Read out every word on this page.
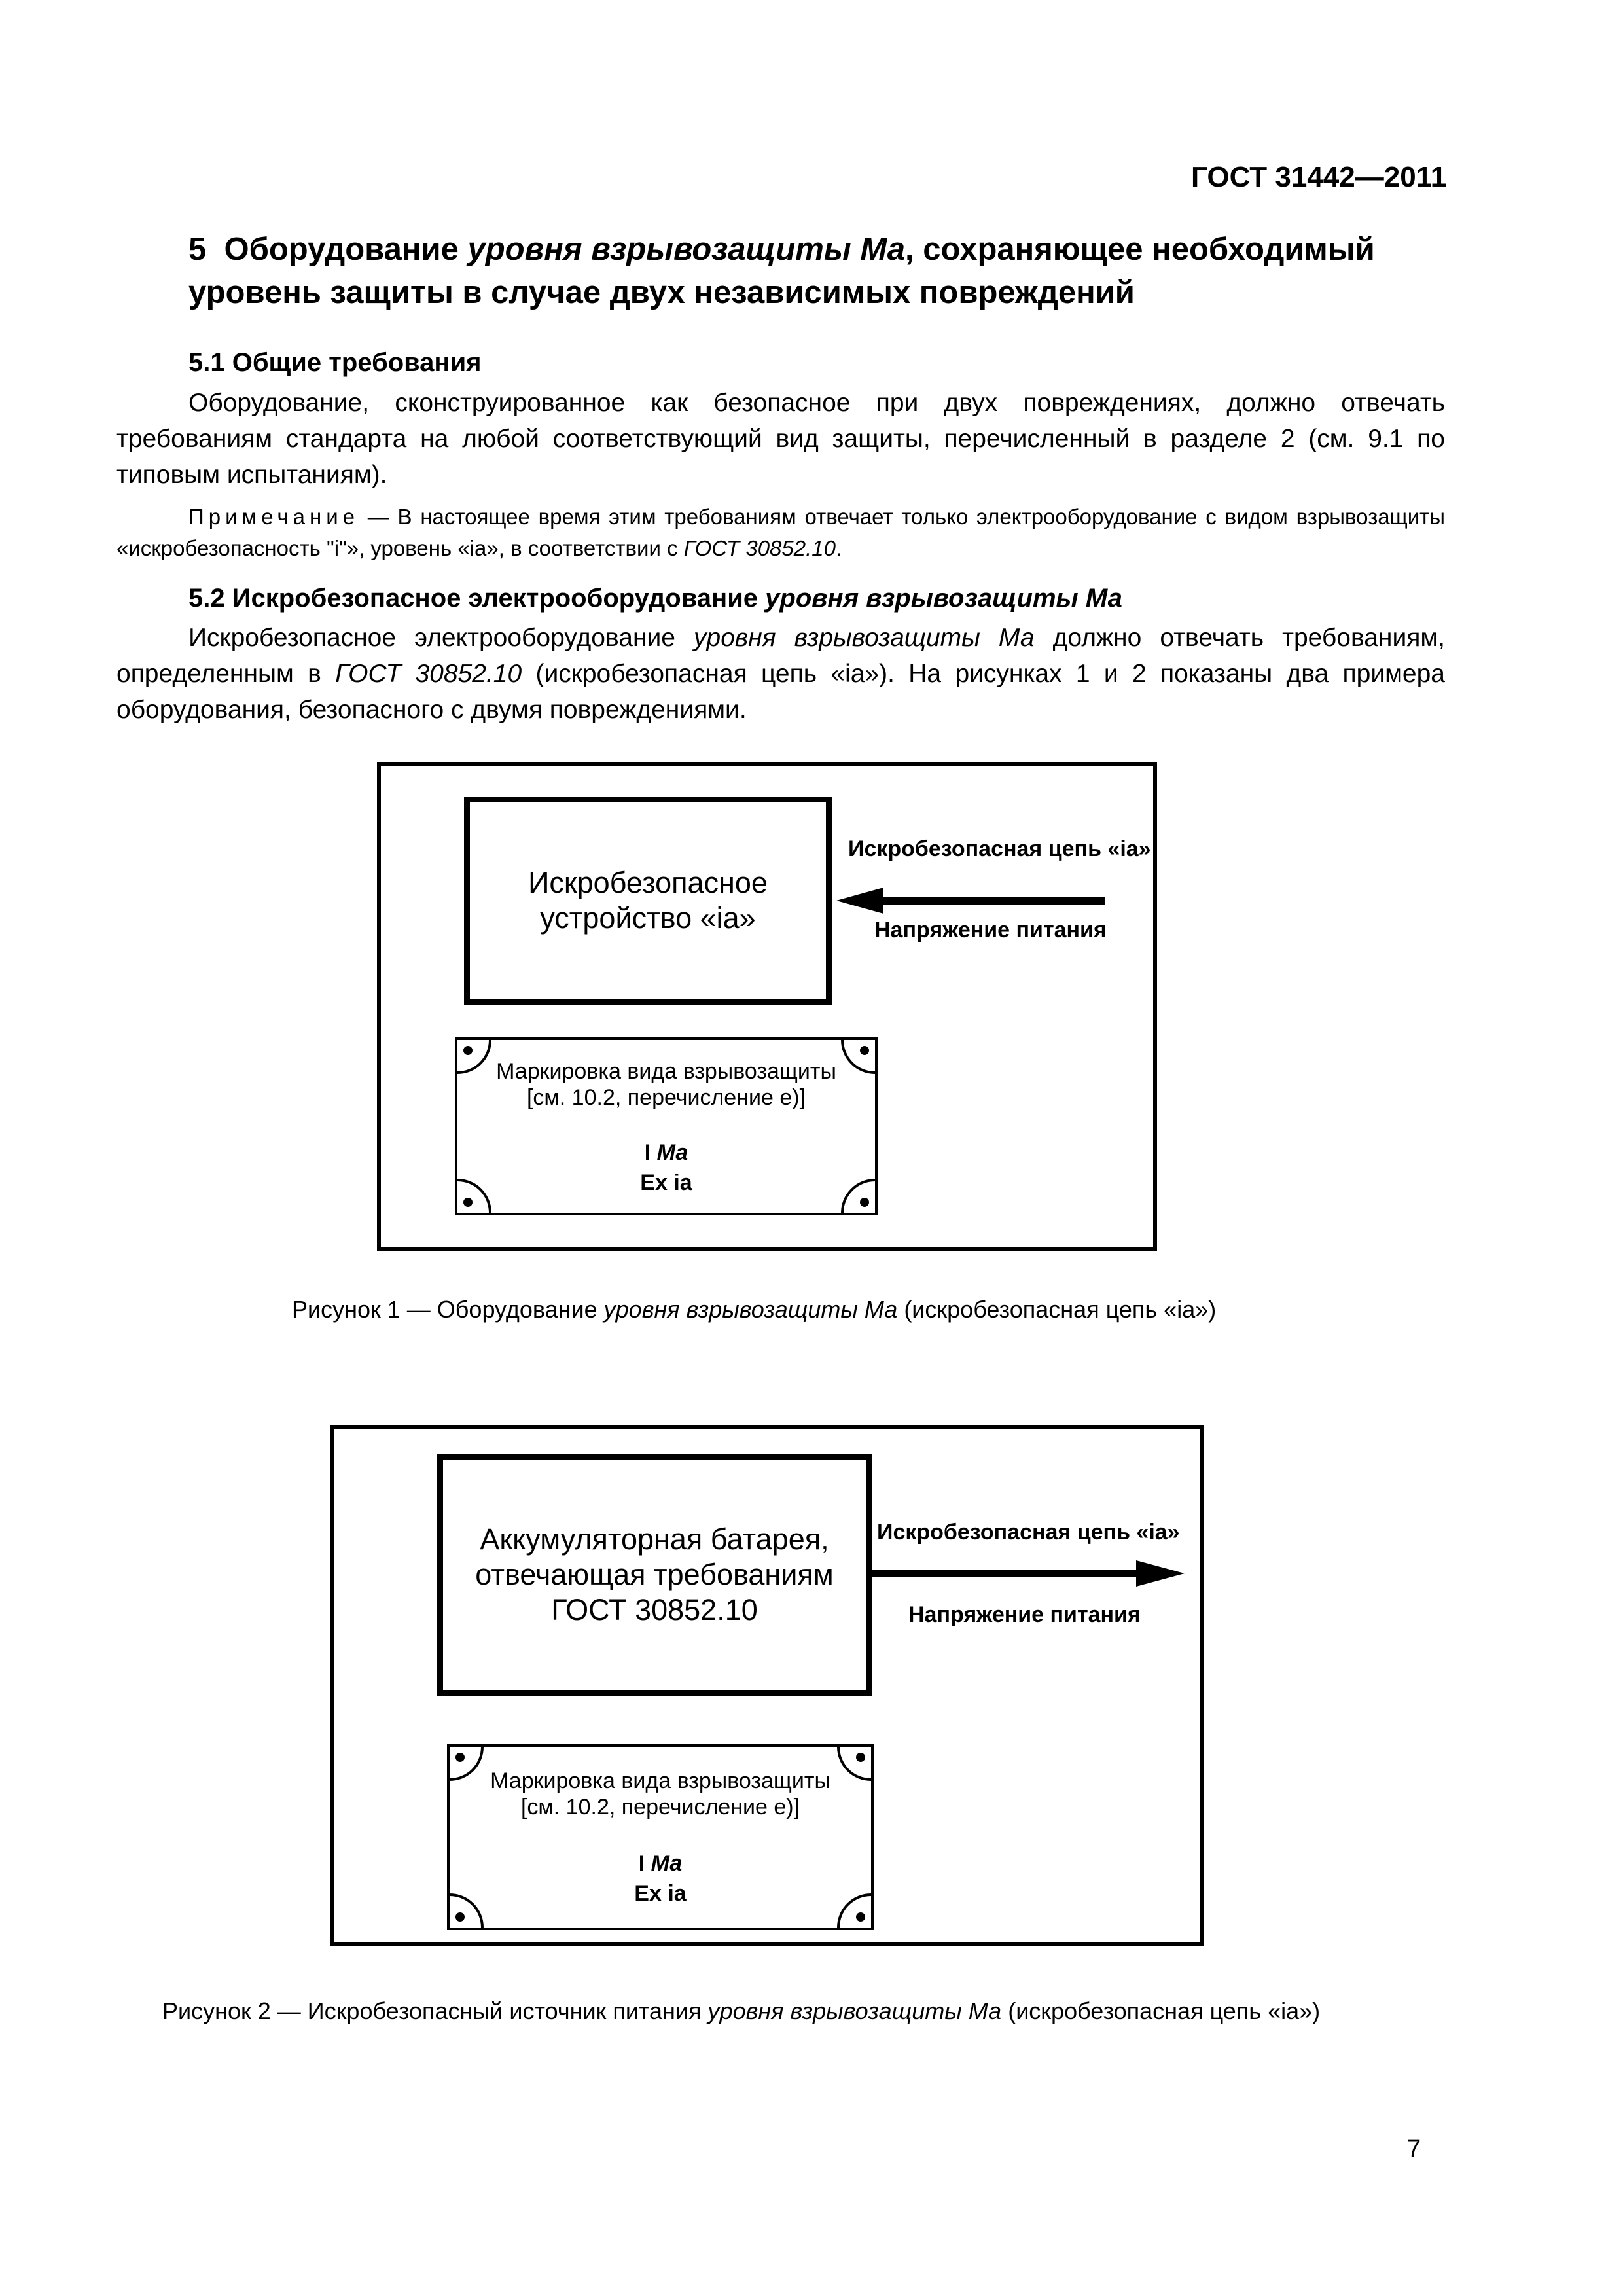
ГОСТ 31442—2011
5 Оборудование уровня взрывозащиты Ма, сохраняющее необходимый уровень защиты в случае двух независимых повреждений
5.1 Общие требования

Оборудование, сконструированное как безопасное при двух повреждениях, должно отвечать требованиям стандарта на любой соответствующий вид защиты, перечисленный в разделе 2 (см. 9.1 по типовым испытаниям).

Примечание — В настоящее время этим требованиям отвечает только электрооборудование с видом взрывозащиты «искробезопасность "i"», уровень «ia», в соответствии с ГОСТ 30852.10.

5.2 Искробезопасное электрооборудование уровня взрывозащиты Ма

Искробезопасное электрооборудование уровня взрывозащиты Ма должно отвечать требованиям, определенным в ГОСТ 30852.10 (искробезопасная цепь «ia»). На рисунках 1 и 2 показаны два примера оборудования, безопасного с двумя повреждениями.

Искробезопасное
устройство «ia»
Искробезопасная цепь «ia»
Напряжение питания
Маркировка вида взрывозащиты
[см. 10.2, перечисление е)]
I Ма
Ex ia
Рисунок 1 — Оборудование уровня взрывозащиты Ма (искробезопасная цепь «ia»)
Аккумуляторная батарея,
отвечающая требованиям
ГОСТ 30852.10
Искробезопасная цепь «ia»
Напряжение питания
Маркировка вида взрывозащиты
[см. 10.2, перечисление е)]
I Ма
Ex ia
Рисунок 2 — Искробезопасный источник питания уровня взрывозащиты Ма (искробезопасная цепь «ia»)
7
